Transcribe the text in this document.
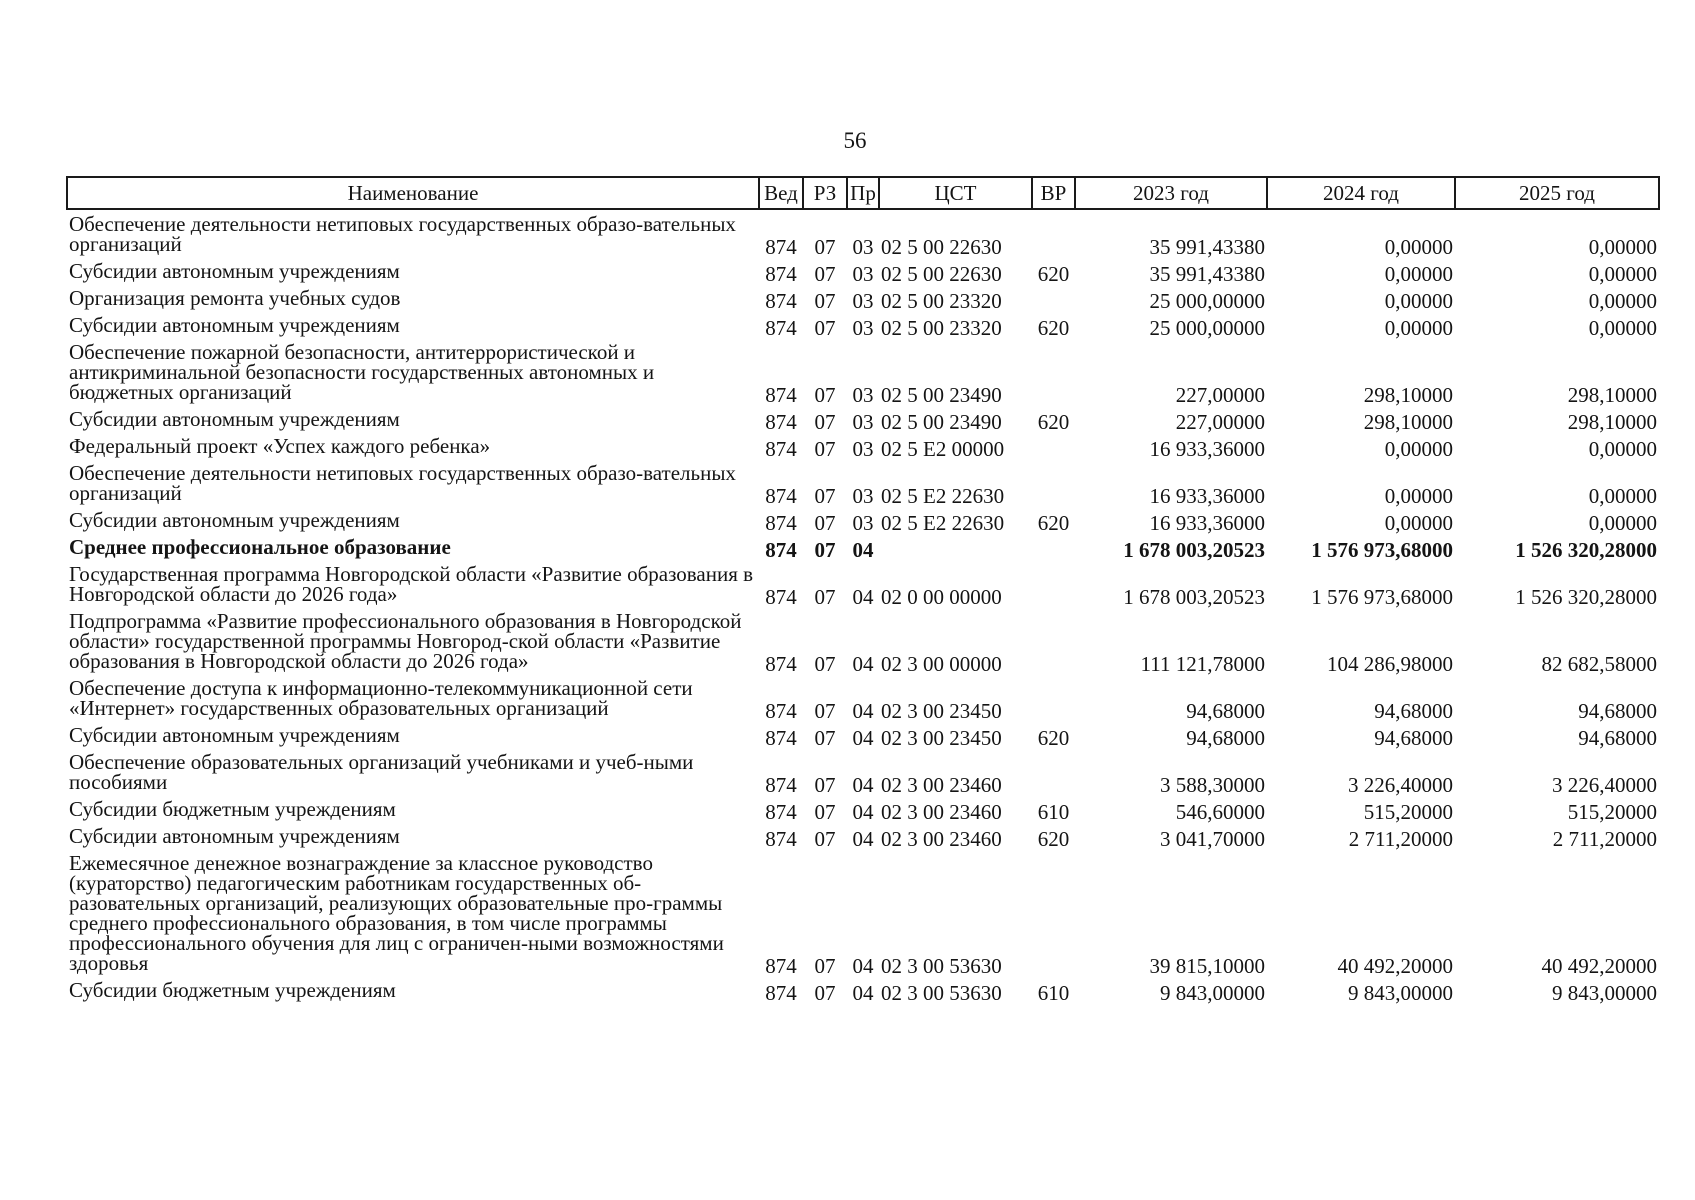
56
Наименование	Вед	РЗ	Пр	ЦСТ	ВР	2023 год	2024 год	2025 год
Обеспечение деятельности нетиповых государственных образо-вательных организаций	874	07	03	02 5 00 22630		35 991,43380	0,00000	0,00000
Субсидии автономным учреждениям	874	07	03	02 5 00 22630	620	35 991,43380	0,00000	0,00000
Организация ремонта учебных судов	874	07	03	02 5 00 23320		25 000,00000	0,00000	0,00000
Субсидии автономным учреждениям	874	07	03	02 5 00 23320	620	25 000,00000	0,00000	0,00000
Обеспечение пожарной безопасности, антитеррористической и антикриминальной безопасности государственных автономных и бюджетных организаций	874	07	03	02 5 00 23490		227,00000	298,10000	298,10000
Субсидии автономным учреждениям	874	07	03	02 5 00 23490	620	227,00000	298,10000	298,10000
Федеральный проект «Успех каждого ребенка»	874	07	03	02 5 E2 00000		16 933,36000	0,00000	0,00000
Обеспечение деятельности нетиповых государственных образо-вательных организаций	874	07	03	02 5 E2 22630		16 933,36000	0,00000	0,00000
Субсидии автономным учреждениям	874	07	03	02 5 E2 22630	620	16 933,36000	0,00000	0,00000
Среднее профессиональное образование	874	07	04			1 678 003,20523	1 576 973,68000	1 526 320,28000
Государственная программа Новгородской области «Развитие образования в Новгородской области до 2026 года»	874	07	04	02 0 00 00000		1 678 003,20523	1 576 973,68000	1 526 320,28000
Подпрограмма «Развитие профессионального образования в Новгородской области» государственной программы Новгород-ской области «Развитие образования в Новгородской области до 2026 года»	874	07	04	02 3 00 00000		111 121,78000	104 286,98000	82 682,58000
Обеспечение доступа к информационно-телекоммуникационной сети «Интернет» государственных образовательных организаций	874	07	04	02 3 00 23450		94,68000	94,68000	94,68000
Субсидии автономным учреждениям	874	07	04	02 3 00 23450	620	94,68000	94,68000	94,68000
Обеспечение образовательных организаций учебниками и учеб-ными пособиями	874	07	04	02 3 00 23460		3 588,30000	3 226,40000	3 226,40000
Субсидии бюджетным учреждениям	874	07	04	02 3 00 23460	610	546,60000	515,20000	515,20000
Субсидии автономным учреждениям	874	07	04	02 3 00 23460	620	3 041,70000	2 711,20000	2 711,20000
Ежемесячное денежное вознаграждение за классное руководство (кураторство) педагогическим работникам государственных об-разовательных организаций, реализующих образовательные про-граммы среднего профессионального образования, в том числе программы профессионального обучения для лиц с ограничен-ными возможностями здоровья	874	07	04	02 3 00 53630		39 815,10000	40 492,20000	40 492,20000
Субсидии бюджетным учреждениям	874	07	04	02 3 00 53630	610	9 843,00000	9 843,00000	9 843,00000
